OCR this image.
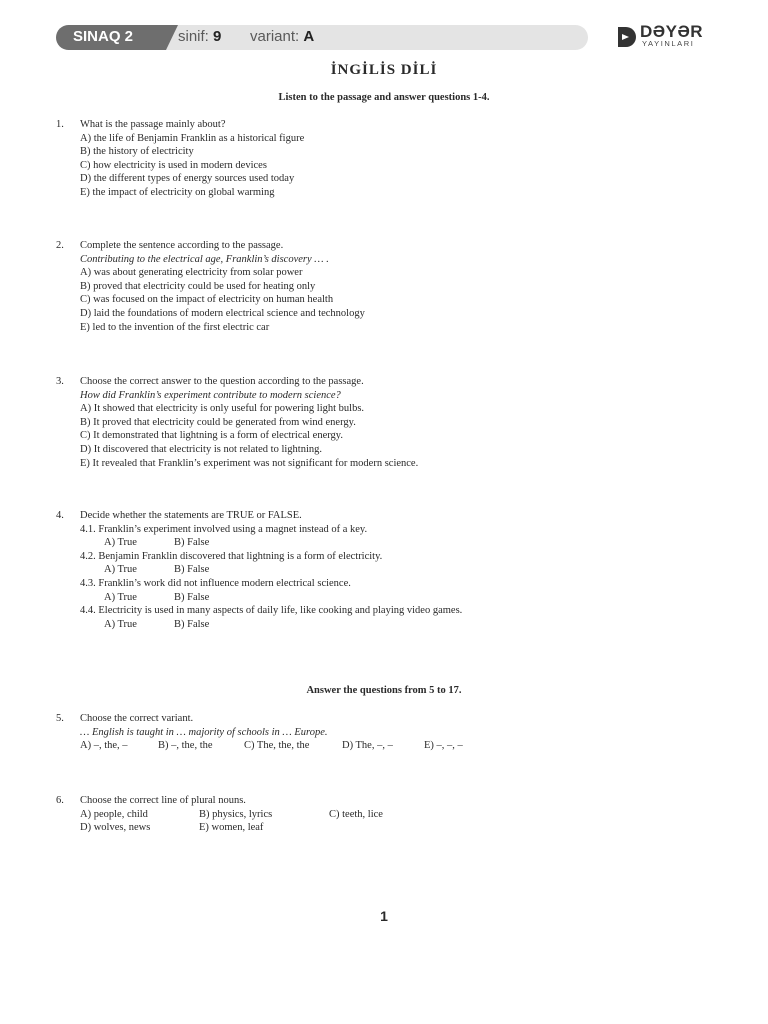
SINAQ 2	sinif: 9 variant: A	DƏYƏR
YAYINLARI
İNGİLİS DİLİ
Listen to the passage and answer questions 1-4.
1. What is the passage mainly about?
A) the life of Benjamin Franklin as a historical figure
B) the history of electricity
C) how electricity is used in modern devices
D) the different types of energy sources used today
E) the impact of electricity on global warming
2. Complete the sentence according to the passage.
Contributing to the electrical age, Franklin’s discovery … .
A) was about generating electricity from solar power
B) proved that electricity could be used for heating only
C) was focused on the impact of electricity on human health
D) laid the foundations of modern electrical science and technology
E) led to the invention of the first electric car
3. Choose the correct answer to the question according to the passage.
How did Franklin’s experiment contribute to modern science?
A) It showed that electricity is only useful for powering light bulbs.
B) It proved that electricity could be generated from wind energy.
C) It demonstrated that lightning is a form of electrical energy.
D) It discovered that electricity is not related to lightning.
E) It revealed that Franklin’s experiment was not significant for modern science.
4. Decide whether the statements are TRUE or FALSE.
4.1. Franklin’s experiment involved using a magnet instead of a key.
A) True	B) False
4.2. Benjamin Franklin discovered that lightning is a form of electricity.
A) True	B) False
4.3. Franklin’s work did not influence modern electrical science.
A) True	B) False
4.4. Electricity is used in many aspects of daily life, like cooking and playing video games.
A) True	B) False
Answer the questions from 5 to 17.
5. Choose the correct variant.
… English is taught in … majority of schools in … Europe.
A) –, the, –	B) –, the, the	C) The, the, the	D) The, –, –	E) –, –, –
6. Choose the correct line of plural nouns.
A) people, child	B) physics, lyrics	C) teeth, lice
D) wolves, news	E) women, leaf
1
